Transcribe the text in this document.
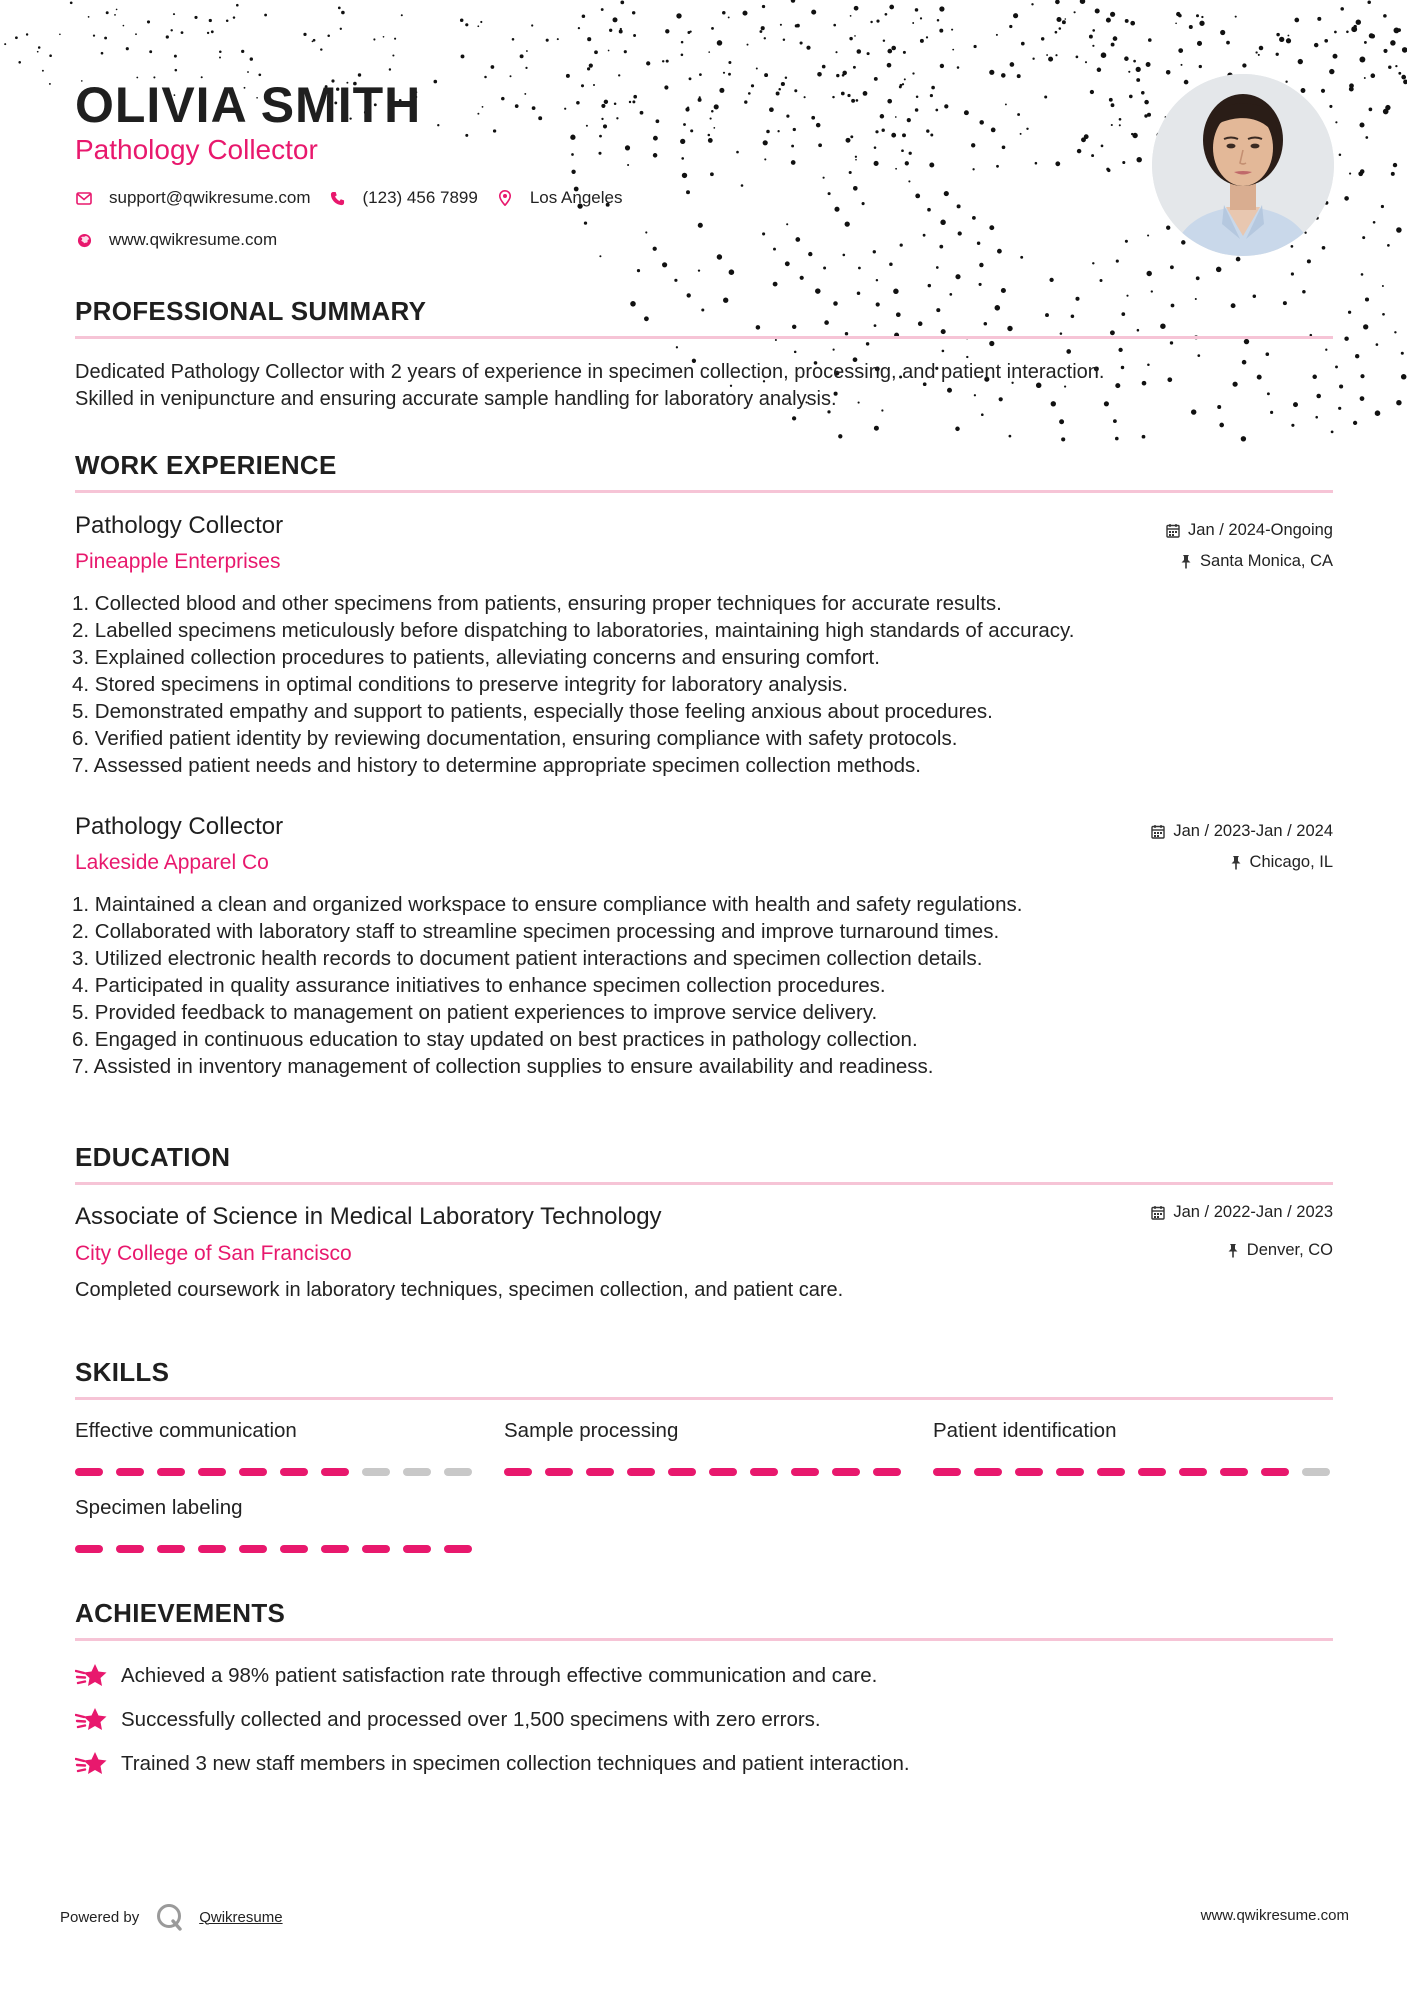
OLIVIA SMITH
Pathology Collector
support@qwikresume.com	(123) 456 7899	Los Angeles
www.qwikresume.com
PROFESSIONAL SUMMARY
Dedicated Pathology Collector with 2 years of experience in specimen collection, processing, and patient interaction.
Skilled in venipuncture and ensuring accurate sample handling for laboratory analysis.
WORK EXPERIENCE
Pathology Collector
Pineapple Enterprises
Jan / 2024-Ongoing
Santa Monica, CA
1. Collected blood and other specimens from patients, ensuring proper techniques for accurate results.
2. Labelled specimens meticulously before dispatching to laboratories, maintaining high standards of accuracy.
3. Explained collection procedures to patients, alleviating concerns and ensuring comfort.
4. Stored specimens in optimal conditions to preserve integrity for laboratory analysis.
5. Demonstrated empathy and support to patients, especially those feeling anxious about procedures.
6. Verified patient identity by reviewing documentation, ensuring compliance with safety protocols.
7. Assessed patient needs and history to determine appropriate specimen collection methods.
Pathology Collector
Lakeside Apparel Co
Jan / 2023-Jan / 2024
Chicago, IL
1. Maintained a clean and organized workspace to ensure compliance with health and safety regulations.
2. Collaborated with laboratory staff to streamline specimen processing and improve turnaround times.
3. Utilized electronic health records to document patient interactions and specimen collection details.
4. Participated in quality assurance initiatives to enhance specimen collection procedures.
5. Provided feedback to management on patient experiences to improve service delivery.
6. Engaged in continuous education to stay updated on best practices in pathology collection.
7. Assisted in inventory management of collection supplies to ensure availability and readiness.
EDUCATION
Associate of Science in Medical Laboratory Technology
City College of San Francisco
Jan / 2022-Jan / 2023
Denver, CO
Completed coursework in laboratory techniques, specimen collection, and patient care.
SKILLS
Effective communication	Sample processing	Patient identification
Specimen labeling
ACHIEVEMENTS
Achieved a 98% patient satisfaction rate through effective communication and care.
Successfully collected and processed over 1,500 specimens with zero errors.
Trained 3 new staff members in specimen collection techniques and patient interaction.
Powered by	Qwikresume	www.qwikresume.com
